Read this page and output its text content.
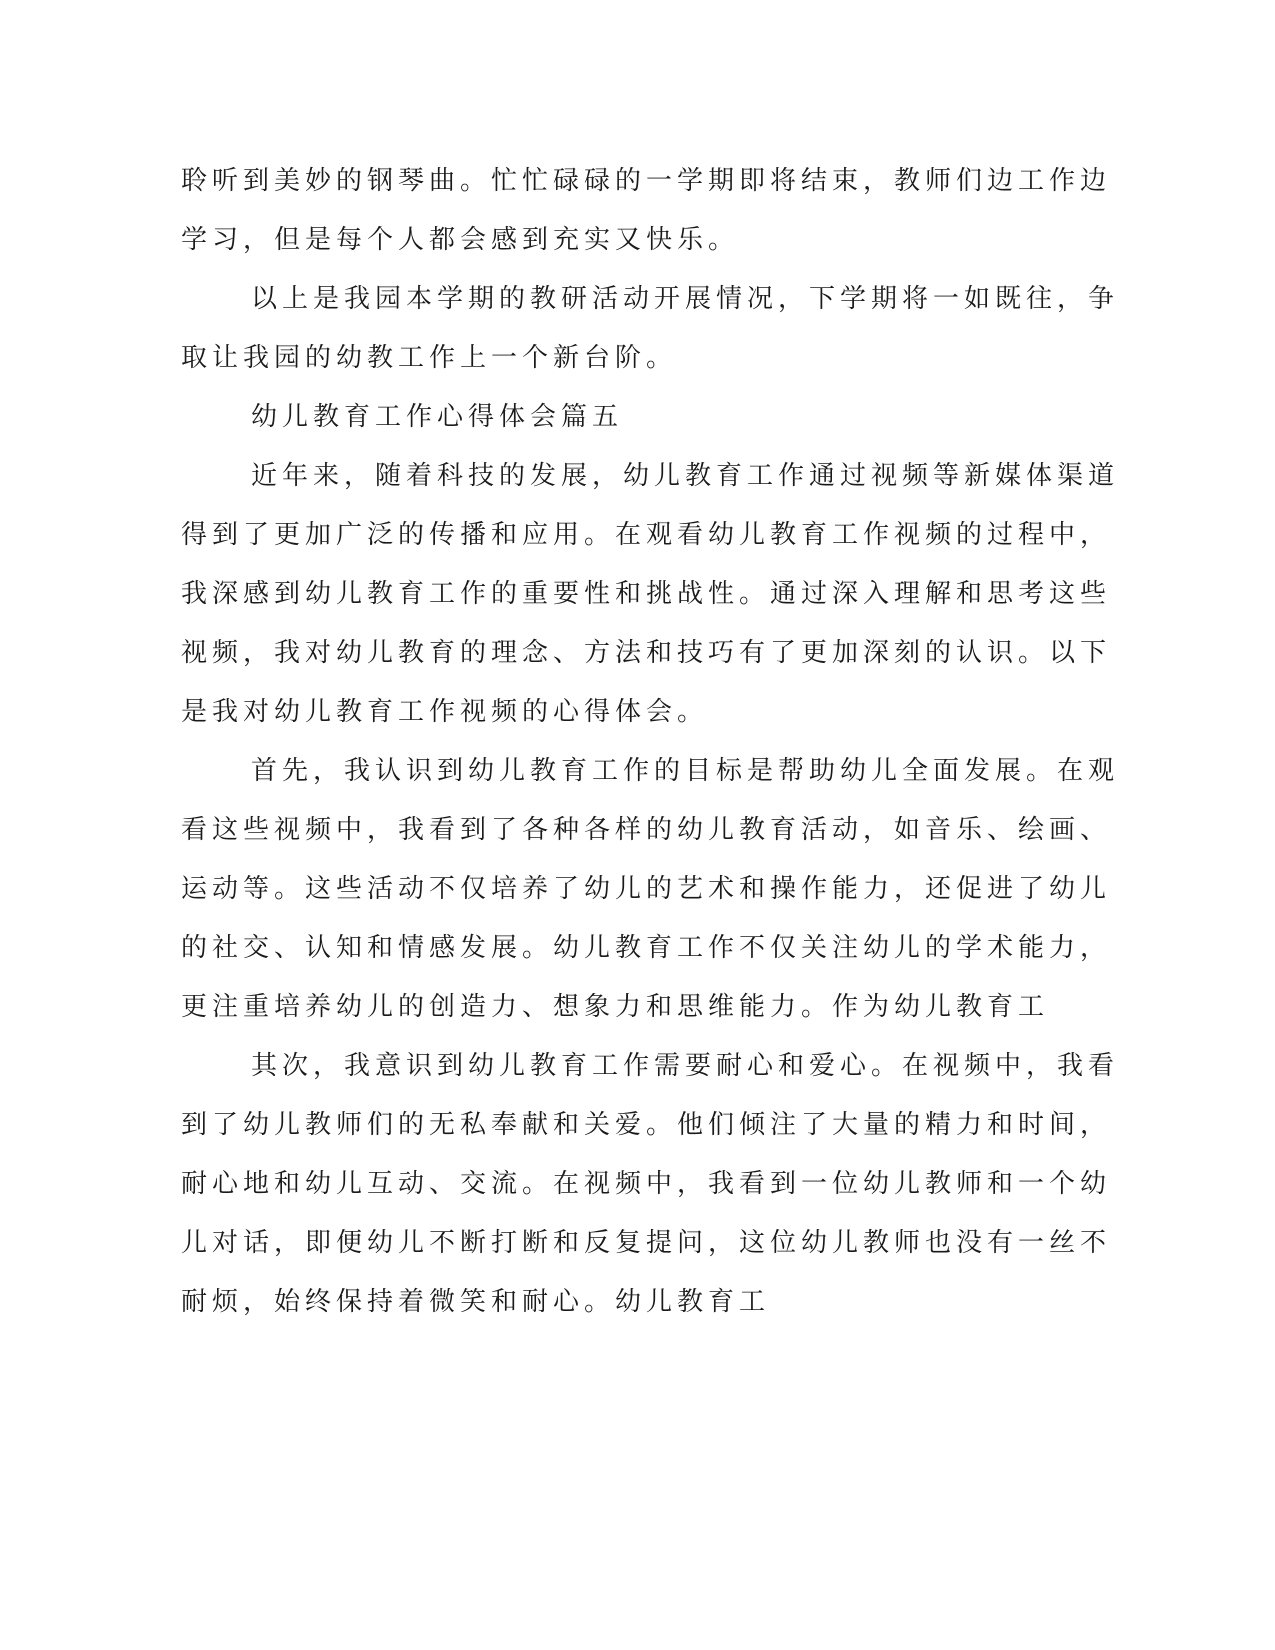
聆听到美妙的钢琴曲。忙忙碌碌的一学期即将结束，教师们边工作边

学习，但是每个人都会感到充实又快乐。

以上是我园本学期的教研活动开展情况，下学期将一如既往，争

取让我园的幼教工作上一个新台阶。

幼儿教育工作心得体会篇五

近年来，随着科技的发展，幼儿教育工作通过视频等新媒体渠道

得到了更加广泛的传播和应用。在观看幼儿教育工作视频的过程中，

我深感到幼儿教育工作的重要性和挑战性。通过深入理解和思考这些

视频，我对幼儿教育的理念、方法和技巧有了更加深刻的认识。以下

是我对幼儿教育工作视频的心得体会。

首先，我认识到幼儿教育工作的目标是帮助幼儿全面发展。在观

看这些视频中，我看到了各种各样的幼儿教育活动，如音乐、绘画、

运动等。这些活动不仅培养了幼儿的艺术和操作能力，还促进了幼儿

的社交、认知和情感发展。幼儿教育工作不仅关注幼儿的学术能力，

更注重培养幼儿的创造力、想象力和思维能力。作为幼儿教育工

其次，我意识到幼儿教育工作需要耐心和爱心。在视频中，我看

到了幼儿教师们的无私奉献和关爱。他们倾注了大量的精力和时间，

耐心地和幼儿互动、交流。在视频中，我看到一位幼儿教师和一个幼

儿对话，即便幼儿不断打断和反复提问，这位幼儿教师也没有一丝不

耐烦，始终保持着微笑和耐心。幼儿教育工
